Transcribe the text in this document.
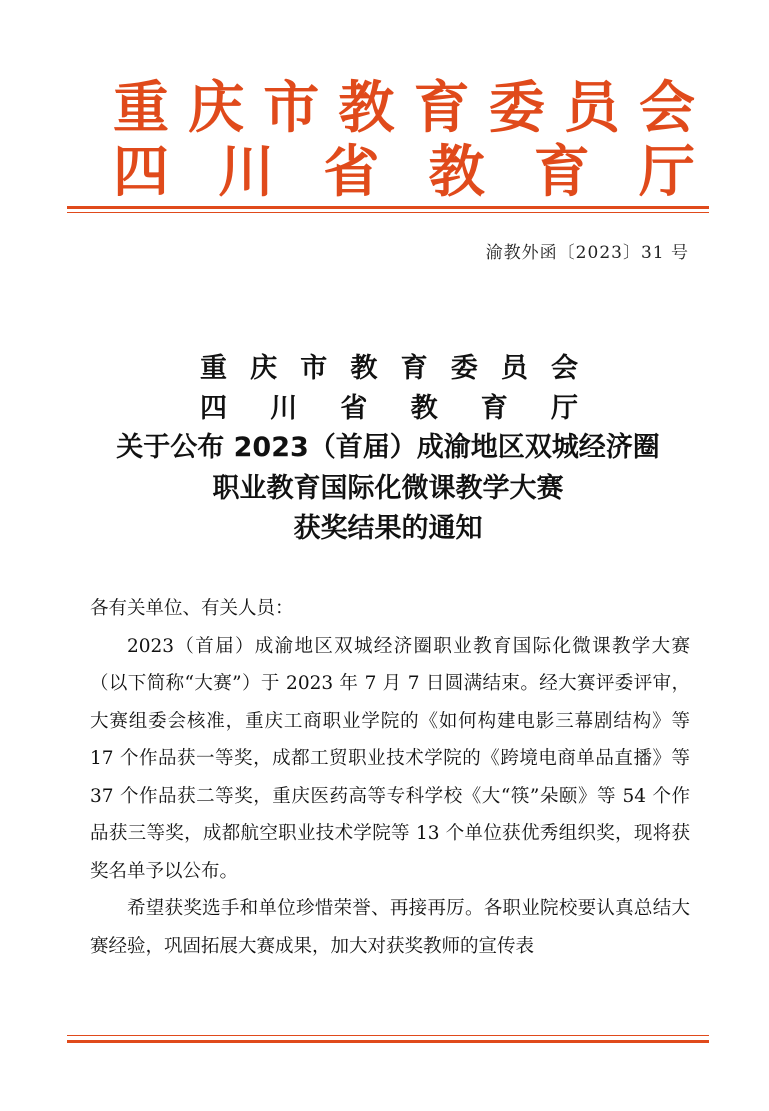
重 庆 市 教 育 委 员 会
四 川 省 教 育 厅
渝教外函〔2023〕31 号
重 庆 市 教 育 委 员 会
四 川 省 教 育 厅
关于公布 2023（首届）成渝地区双城经济圈
职业教育国际化微课教学大赛
获奖结果的通知

各有关单位、有关人员：

2023（首届）成渝地区双城经济圈职业教育国际化微课教学大赛（以下简称“大赛”）于 2023 年 7 月 7 日圆满结束。经大赛评委评审，大赛组委会核准，重庆工商职业学院的《如何构建电影三幕剧结构》等 17 个作品获一等奖，成都工贸职业技术学院的《跨境电商单品直播》等 37 个作品获二等奖，重庆医药高等专科学校《大“筷”朵颐》等 54 个作品获三等奖，成都航空职业技术学院等 13 个单位获优秀组织奖，现将获奖名单予以公布。

希望获奖选手和单位珍惜荣誉、再接再厉。各职业院校要认真总结大赛经验，巩固拓展大赛成果，加大对获奖教师的宣传表
